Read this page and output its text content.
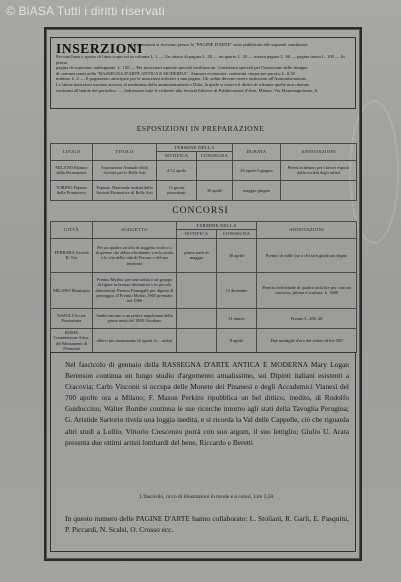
© BiASA Tutti i diritti riservati
INSERZIONI
Le inserzioni si ricevono presso la "PAGINE D'ARTE" sono pubblicate alle seguenti condizioni:
Per una linea o spazio di linea corpo sei in colonna L. 1 — Un ottavo di pagina L. 20 — un quarto L. 35 — mezza pagina L. 60 — pagina intera L. 100 — In prima
pagina di copertina, raddoppiate. L. 150 — Per inserzioni ripetute speciali facilitazioni. Condizioni speciali per l'inserzione delle insegne
di commercianti nella "RASSEGNA D'ARTE ANTICA E MODERNA". Annunci economici: centesimi cinque per parola, L. 0,50
minimo L. 2 — Il pagamento anticipato per le inserzioni inferiori a una pagina. Gli ordini devono essere indirizzati all'Amministrazione.
Le stesse inserzioni trovano accesso al medesimo della amministrazione e Ditta, la quale si riserva il diritto di rifiutare quelle non ritenute
conformi all'indole del periodico. — Indirizzare tutte le richieste alla Società Editrice di Pubblicazioni d'Arte, Milano, Via Montenapoleone, 6.
ESPOSIZIONI IN PREPARAZIONE
LUOGO	TITOLO	TERMINE DELLA		DURATA	ANNOTAZIONI
		NOTIFICA	CONSEGNA		
MILANO Palazzo della Permanente	Esposizione Annuale della Società per le Belle Arti	4-12 aprile		20 aprile-5 giugno	Premi in denaro per i lavori esposti dalla società degli artisti
TORINO Palazzo della Promotrice	Esposiz. Nazionale indetta dalla Società Promotrice di Belle Arti	15 giorni precedenti	30 aprile	maggio-giugno	
CONCORSI
CITTÀ	SOGGETTO	TERMINE DELLA		ANNOTAZIONI
		NOTIFICA	CONSEGNA	
FERRARA Società B. Tisi	Per un quadro ad olio di soggetto storico o di genere che abbia riferimento con la storia e la vita della città di Ferrara e del suo territorio	prima metà di maggio	30 aprile	Premio di mille lire a chi sarà giudicato degno
MILANO Municipio	Premio Mylius: per una statua o un gruppo di figure in bronzo decorativo e in piccole dimensioni. Premio Fumagalli per dipinto di paesaggio. Il Premio Mylius 1905 premiato nel 1906		15 dicembre	Premio individuale di quattro mila lire per ciascun concorso, pittura e scultura. L. 3000
NAPOLI Accad. Pontaniana	Studio intorno a un pittore napoletano della prima metà del 1800 Giordano		31 marzo	Premio L. 400, 20
ROMA Commissione Artist. dei Monumenti di Piemonte	allievi per monumento di ignoti in ... artisti		8 aprile	Due medaglie d'oro del valore di lire 500
Nel fascicolo di gennaio della RASSEGNA D'ARTE ANTICA E MODERNA Mary Logan Berenson continua un lungo studio d'argomento attualissimo, sui Dipinti italiani esistenti a Cracovia; Carlo Visconti si occupa delle Monete dei Pinanesi e degli Accademici Vianesi del 700 apolte ora a Milano; F. Mason Perkins ripubblica un bel dittico, inedito, di Rodolfo Guidoccino; Walter Bombe continua le sue ricerche intorno agli stati della Tavoglia Perugina; G. Aristide Sartorio rivela una loggia inedita, e si ricorda la Val delle Cappelle, ciò che riguarda altri studi a Lollio, Vittorio Crescenzo porrà con suo argom, il suo lettiglio; Giulio U. Arata presenta due ottimi artisti lombardi del bene, Riccardo e Beretti
L'fascicolo, ricco di illustrazioni in tavole e a colori, Lire 3,50.
In questo numero delle PAGINE D'ARTE hanno collaborato: L. Stoliani, R. Garli, E. Pasquini, P. Piccardi, N. Scalsi, O. Crosso ecc.
